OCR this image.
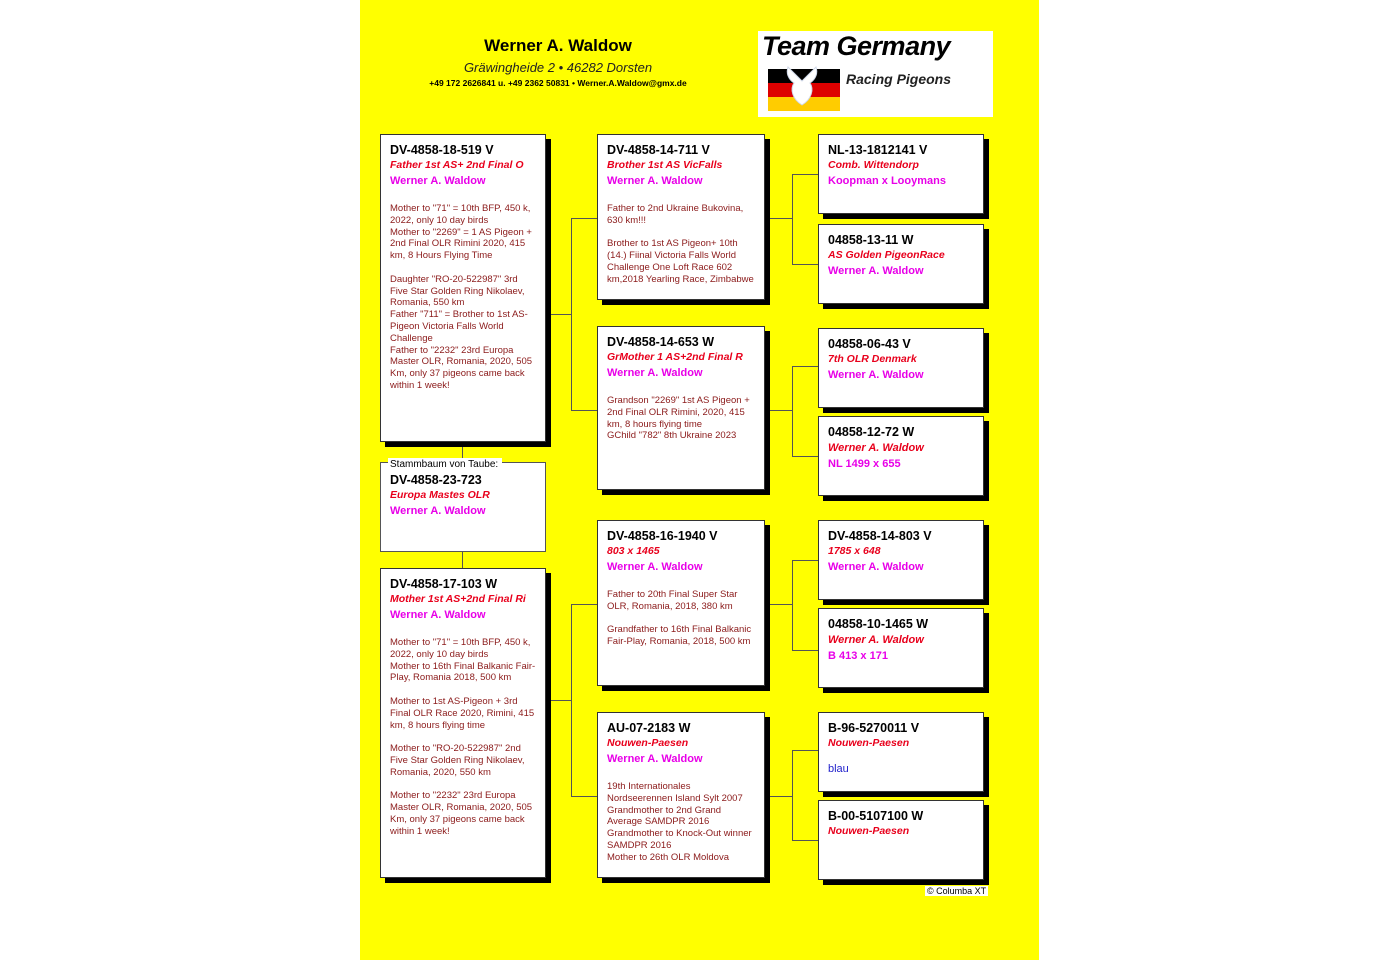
Werner A. Waldow
Gräwingheide 2 • 46282 Dorsten
+49 172 2626841 u. +49 2362 50831 • Werner.A.Waldow@gmx.de
Team Germany
Racing Pigeons
DV-4858-18-519 V
Father 1st AS+ 2nd Final O
Werner A. Waldow
Mother to "71" = 10th BFP, 450 k, 2022, only 10 day birds
Mother to "2269" = 1 AS Pigeon + 2nd Final OLR Rimini 2020, 415 km, 8 Hours Flying Time

Daughter "RO-20-522987" 3rd Five Star Golden Ring Nikolaev, Romania, 550 km
Father "711" = Brother to 1st AS-Pigeon Victoria Falls World Challenge
Father to "2232" 23rd Europa Master OLR, Romania, 2020, 505 Km, only 37 pigeons came back within 1 week!
DV-4858-23-723
Europa Mastes OLR
Werner A. Waldow
Stammbaum von Taube:
DV-4858-17-103 W
Mother 1st AS+2nd Final Ri
Werner A. Waldow
Mother to "71" = 10th BFP, 450 k, 2022, only 10 day birds
Mother to 16th Final Balkanic Fair-Play, Romania 2018, 500 km

Mother to 1st AS-Pigeon + 3rd Final OLR Race 2020, Rimini, 415 km, 8 hours flying time

Mother to "RO-20-522987" 2nd Five Star Golden Ring Nikolaev, Romania, 2020, 550 km

Mother to "2232" 23rd Europa Master OLR, Romania, 2020, 505 Km, only 37 pigeons came back within 1 week!
DV-4858-14-711 V
Brother 1st AS VicFalls
Werner A. Waldow
Father to 2nd Ukraine Bukovina, 630 km!!!

Brother to 1st AS Pigeon+ 10th (14.) Fiinal Victoria Falls World Challenge One Loft Race 602 km,2018 Yearling Race, Zimbabwe
DV-4858-14-653 W
GrMother 1 AS+2nd Final R
Werner A. Waldow
Grandson "2269" 1st AS Pigeon + 2nd Final OLR Rimini, 2020, 415 km, 8 hours flying time
GChild "782" 8th Ukraine 2023
DV-4858-16-1940 V
803 x 1465
Werner A. Waldow
Father to 20th Final Super Star OLR, Romania, 2018, 380 km

Grandfather to 16th Final Balkanic Fair-Play, Romania, 2018, 500 km
AU-07-2183 W
Nouwen-Paesen
Werner A. Waldow
19th Internationales Nordseerennen Island Sylt 2007
Grandmother to 2nd Grand Average SAMDPR 2016
Grandmother to Knock-Out winner SAMDPR 2016
Mother to 26th OLR Moldova
NL-13-1812141 V
Comb. Wittendorp
Koopman x Looymans
04858-13-11 W
AS Golden PigeonRace
Werner A. Waldow
04858-06-43 V
7th OLR Denmark
Werner A. Waldow
04858-12-72 W
Werner A. Waldow
NL 1499 x 655
DV-4858-14-803 V
1785 x 648
Werner A. Waldow
04858-10-1465 W
Werner A. Waldow
B 413 x 171
B-96-5270011 V
Nouwen-Paesen
blau
B-00-5107100 W
Nouwen-Paesen
© Columba XT
